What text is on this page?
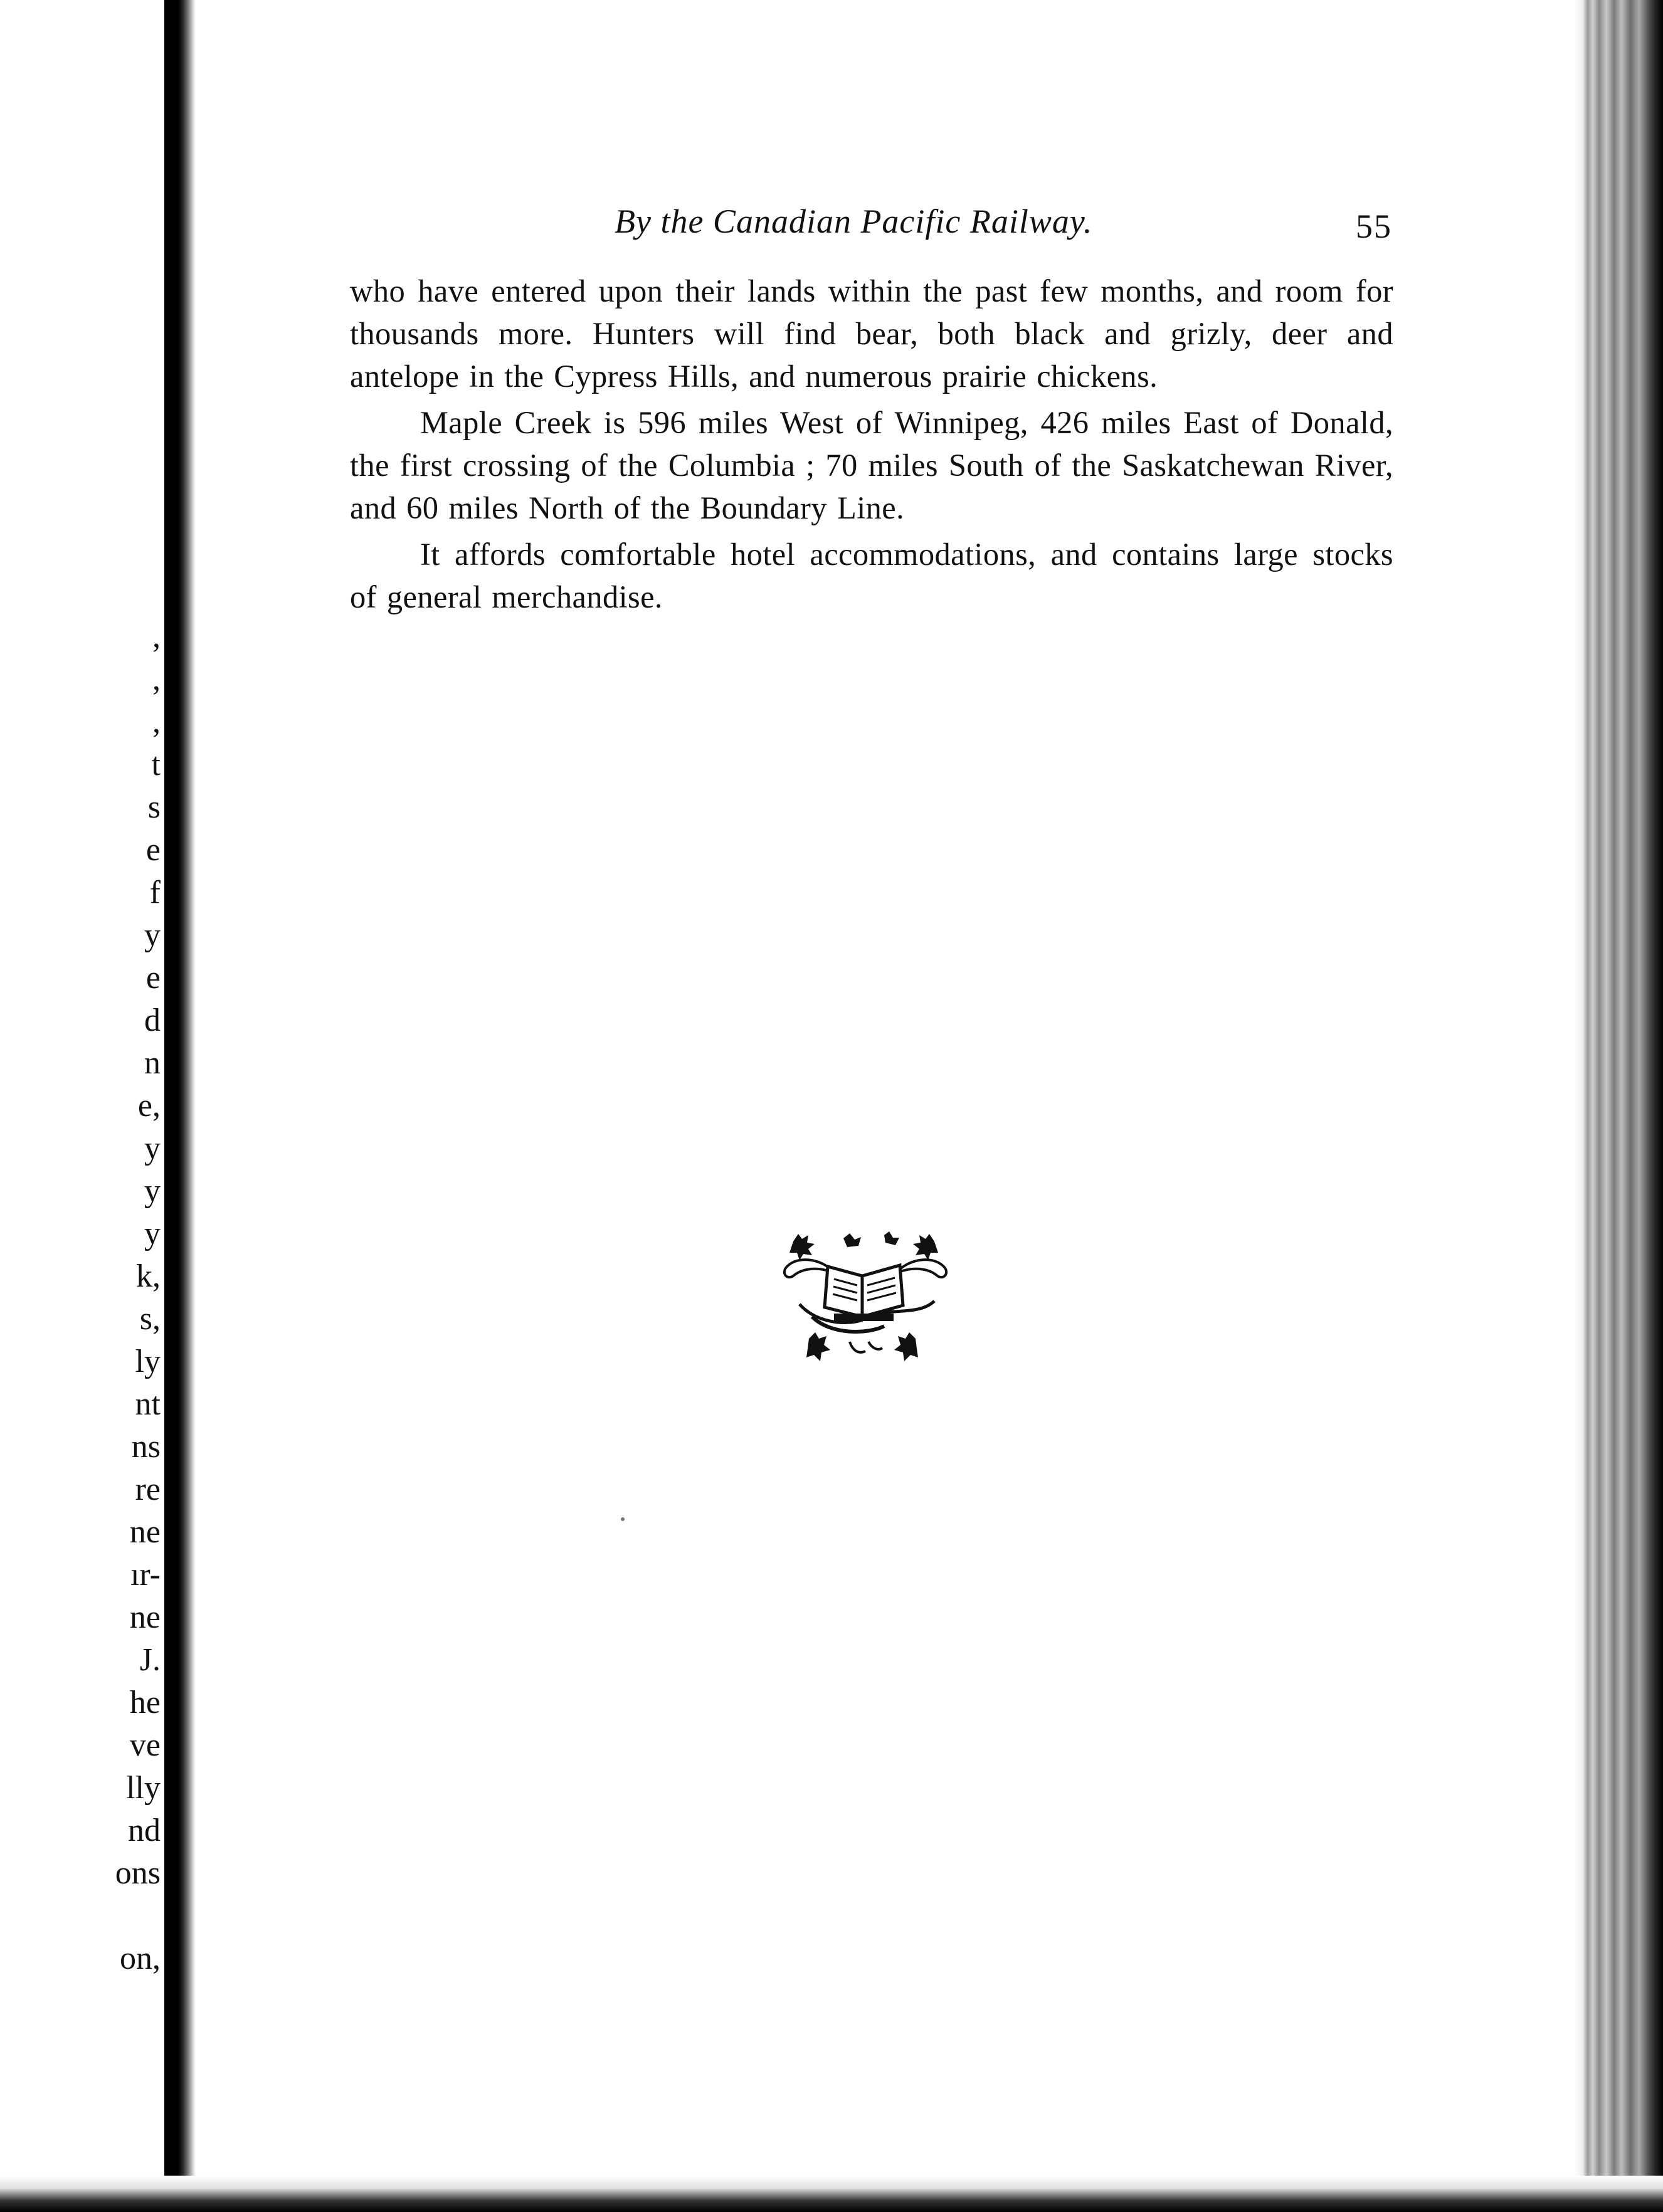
,
,
,
t
s
e
f
y
e
d
n
e,
y
y
y
k,
s,
ly
nt
ns
re
ne
ır-
ne
J.
he
ve
lly
nd
ons
on,
By the Canadian Pacific Railway.	55

who have entered upon their lands within the past few months, and room for thousands more. Hunters will find bear, both black and grizly, deer and antelope in the Cypress Hills, and numerous prairie chickens.

Maple Creek is 596 miles West of Winnipeg, 426 miles East of Donald, the first crossing of the Columbia ; 70 miles South of the Saskatchewan River, and 60 miles North of the Boundary Line.

It affords comfortable hotel accommodations, and contains large stocks of general merchandise.
